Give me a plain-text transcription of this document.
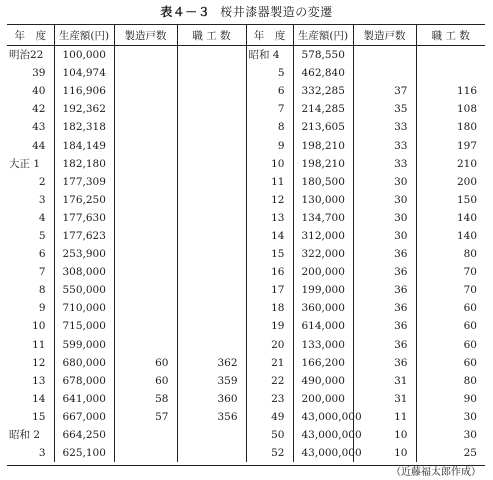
表４－３ 桜井漆器製造の変遷
年　度	生産額(円)	製造戸数	職 工 数	年　度	生産額(円)	製造戸数	職 工 数
明治22	100,000			昭和 4	578,550		
39	104,974			5	462,840		
40	116,906			6	332,285	37	116
42	192,362			7	214,285	35	108
43	182,318			8	213,605	33	180
44	184,149			9	198,210	33	197
大正 1	182,180			10	198,210	33	210
2	177,309			11	180,500	30	200
3	176,250			12	130,000	30	150
4	177,630			13	134,700	30	140
5	177,623			14	312,000	30	140
6	253,900			15	322,000	36	80
7	308,000			16	200,000	36	70
8	550,000			17	199,000	36	70
9	710,000			18	360,000	36	60
10	715,000			19	614,000	36	60
11	599,000			20	133,000	36	60
12	680,000	60	362	21	166,200	36	60
13	678,000	60	359	22	490,000	31	80
14	641,000	58	360	23	200,000	31	90
15	667,000	57	356	49	43,000,000	11	30
昭和 2	664,250			50	43,000,000	10	30
3	625,100			52	43,000,000	10	25
（近藤福太郎作成）
